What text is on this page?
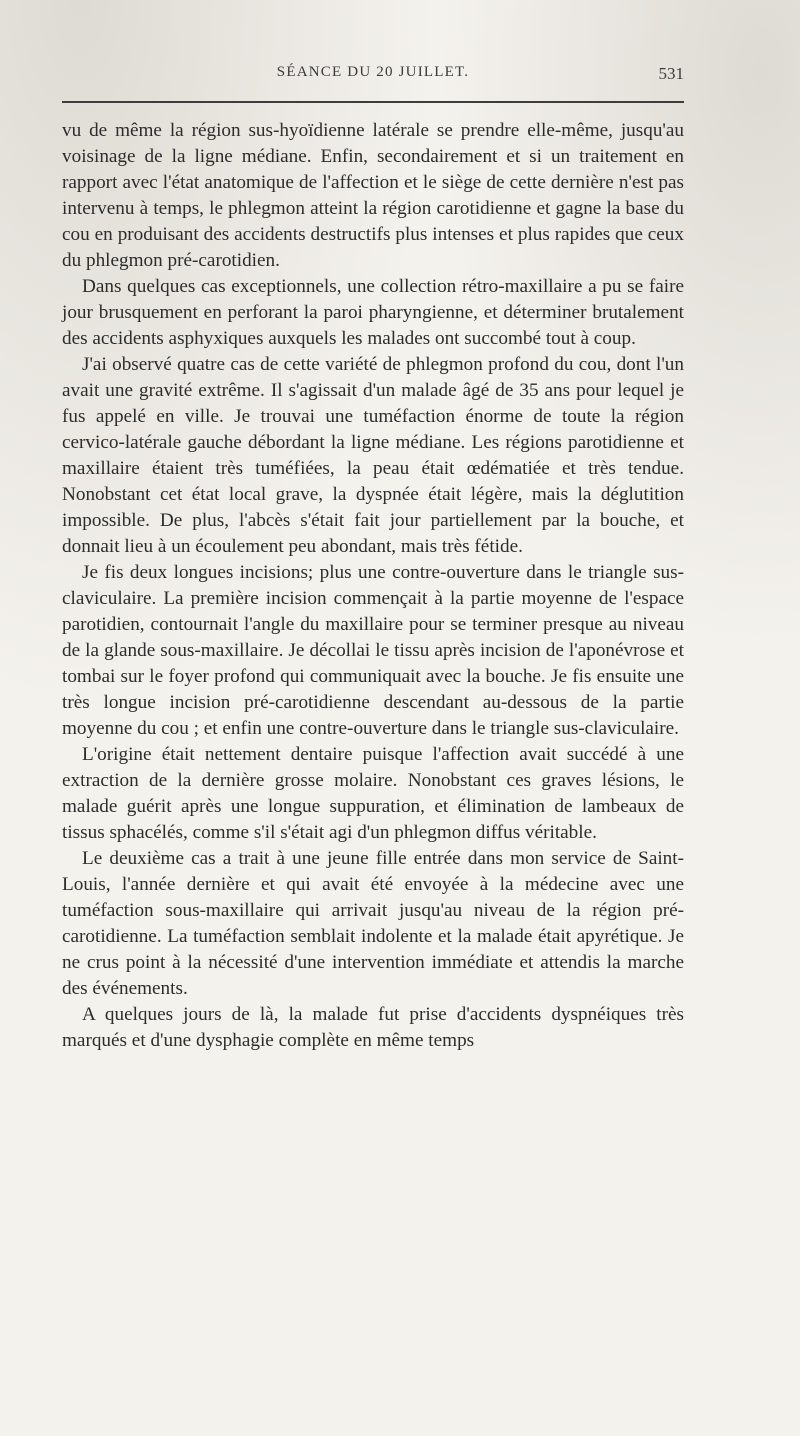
SÉANCE DU 20 JUILLET.	531

vu de même la région sus-hyoïdienne latérale se prendre elle-même, jusqu'au voisinage de la ligne médiane. Enfin, secondairement et si un traitement en rapport avec l'état anatomique de l'affection et le siège de cette dernière n'est pas intervenu à temps, le phlegmon atteint la région carotidienne et gagne la base du cou en produisant des accidents destructifs plus intenses et plus rapides que ceux du phlegmon pré-carotidien.

Dans quelques cas exceptionnels, une collection rétro-maxillaire a pu se faire jour brusquement en perforant la paroi pharyngienne, et déterminer brutalement des accidents asphyxiques auxquels les malades ont succombé tout à coup.

J'ai observé quatre cas de cette variété de phlegmon profond du cou, dont l'un avait une gravité extrême. Il s'agissait d'un malade âgé de 35 ans pour lequel je fus appelé en ville. Je trouvai une tuméfaction énorme de toute la région cervico-latérale gauche débordant la ligne médiane. Les régions parotidienne et maxillaire étaient très tuméfiées, la peau était œdématiée et très tendue. Nonobstant cet état local grave, la dyspnée était légère, mais la déglutition impossible. De plus, l'abcès s'était fait jour partiellement par la bouche, et donnait lieu à un écoulement peu abondant, mais très fétide.

Je fis deux longues incisions; plus une contre-ouverture dans le triangle sus-claviculaire. La première incision commençait à la partie moyenne de l'espace parotidien, contournait l'angle du maxillaire pour se terminer presque au niveau de la glande sous-maxillaire. Je décollai le tissu après incision de l'aponévrose et tombai sur le foyer profond qui communiquait avec la bouche. Je fis ensuite une très longue incision pré-carotidienne descendant au-dessous de la partie moyenne du cou ; et enfin une contre-ouverture dans le triangle sus-claviculaire.

L'origine était nettement dentaire puisque l'affection avait succédé à une extraction de la dernière grosse molaire. Nonobstant ces graves lésions, le malade guérit après une longue suppuration, et élimination de lambeaux de tissus sphacélés, comme s'il s'était agi d'un phlegmon diffus véritable.

Le deuxième cas a trait à une jeune fille entrée dans mon service de Saint-Louis, l'année dernière et qui avait été envoyée à la médecine avec une tuméfaction sous-maxillaire qui arrivait jusqu'au niveau de la région pré-carotidienne. La tuméfaction semblait indolente et la malade était apyrétique. Je ne crus point à la nécessité d'une intervention immédiate et attendis la marche des événements.

A quelques jours de là, la malade fut prise d'accidents dyspnéiques très marqués et d'une dysphagie complète en même temps
